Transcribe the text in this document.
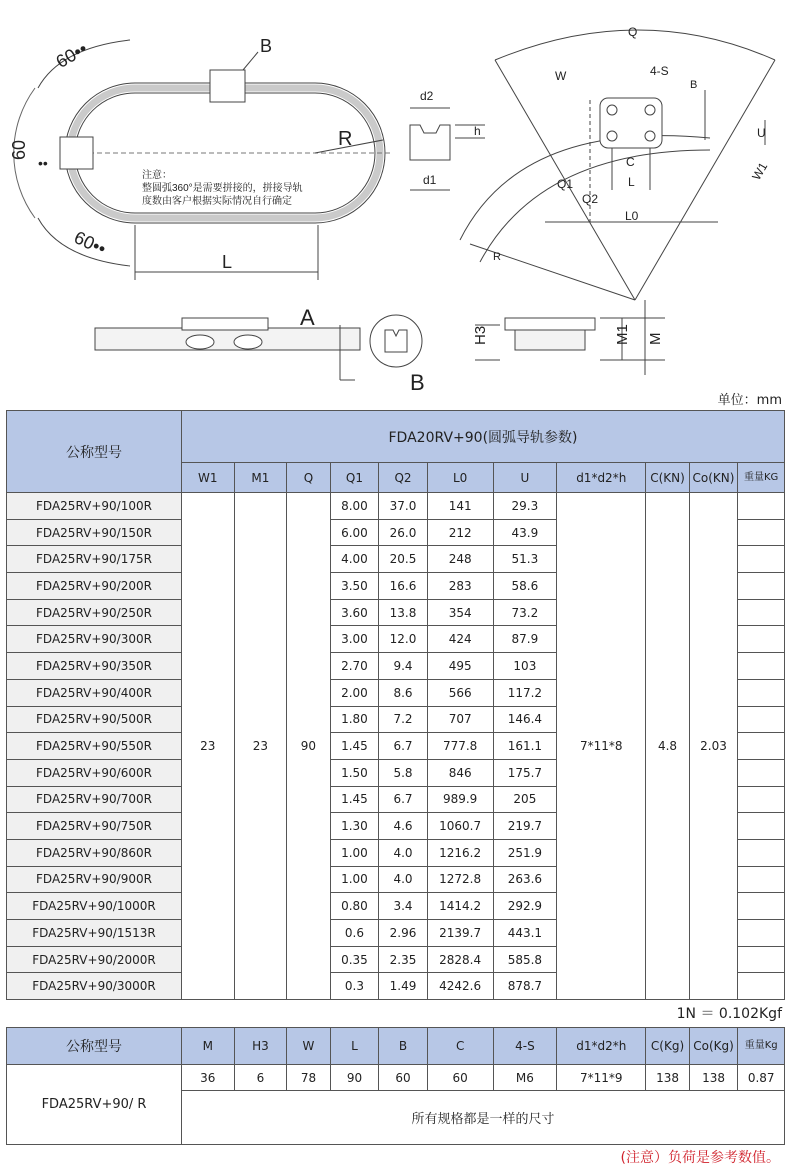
60••
60
••
60••
B
R
L
注意：
整圆弧360°是需要拼接的，拼接导轨
度数由客户根据实际情况自行确定
d2
d1
h
Q
W	4-S
B
U
C
L	W1
Q1
Q2
L0
R
A
B
M1 M
H3
单位：mm
公称型号	FDA20RV+90(圆弧导轨参数)										
	W1	M1	Q	Q1	Q2	L0	U	d1*d2*h	C(KN)	Co(KN)	重量KG
FDA25RV+90/100R	23	23	90	8.00	37.0	141	29.3	7*11*8	4.8	2.03	
FDA25RV+90/150R				6.00	26.0	212	43.9				
FDA25RV+90/175R				4.00	20.5	248	51.3				
FDA25RV+90/200R				3.50	16.6	283	58.6				
FDA25RV+90/250R				3.60	13.8	354	73.2				
FDA25RV+90/300R				3.00	12.0	424	87.9				
FDA25RV+90/350R				2.70	9.4	495	103				
FDA25RV+90/400R				2.00	8.6	566	117.2				
FDA25RV+90/500R				1.80	7.2	707	146.4				
FDA25RV+90/550R				1.45	6.7	777.8	161.1				
FDA25RV+90/600R				1.50	5.8	846	175.7				
FDA25RV+90/700R				1.45	6.7	989.9	205				
FDA25RV+90/750R				1.30	4.6	1060.7	219.7				
FDA25RV+90/860R				1.00	4.0	1216.2	251.9				
FDA25RV+90/900R				1.00	4.0	1272.8	263.6				
FDA25RV+90/1000R				0.80	3.4	1414.2	292.9				
FDA25RV+90/1513R				0.6	2.96	2139.7	443.1				
FDA25RV+90/2000R				0.35	2.35	2828.4	585.8				
FDA25RV+90/3000R				0.3	1.49	4242.6	878.7				
1N ＝ 0.102Kgf
公称型号	M	H3	W	L	B	C	4-S	d1*d2*h	C(Kg)	Co(Kg)	重量Kg
FDA25RV+90/ R	36	6	78	90	60	60	M6	7*11*9	138	138	0.87
	所有规格都是一样的尺寸										
(注意）负荷是参考数值。
